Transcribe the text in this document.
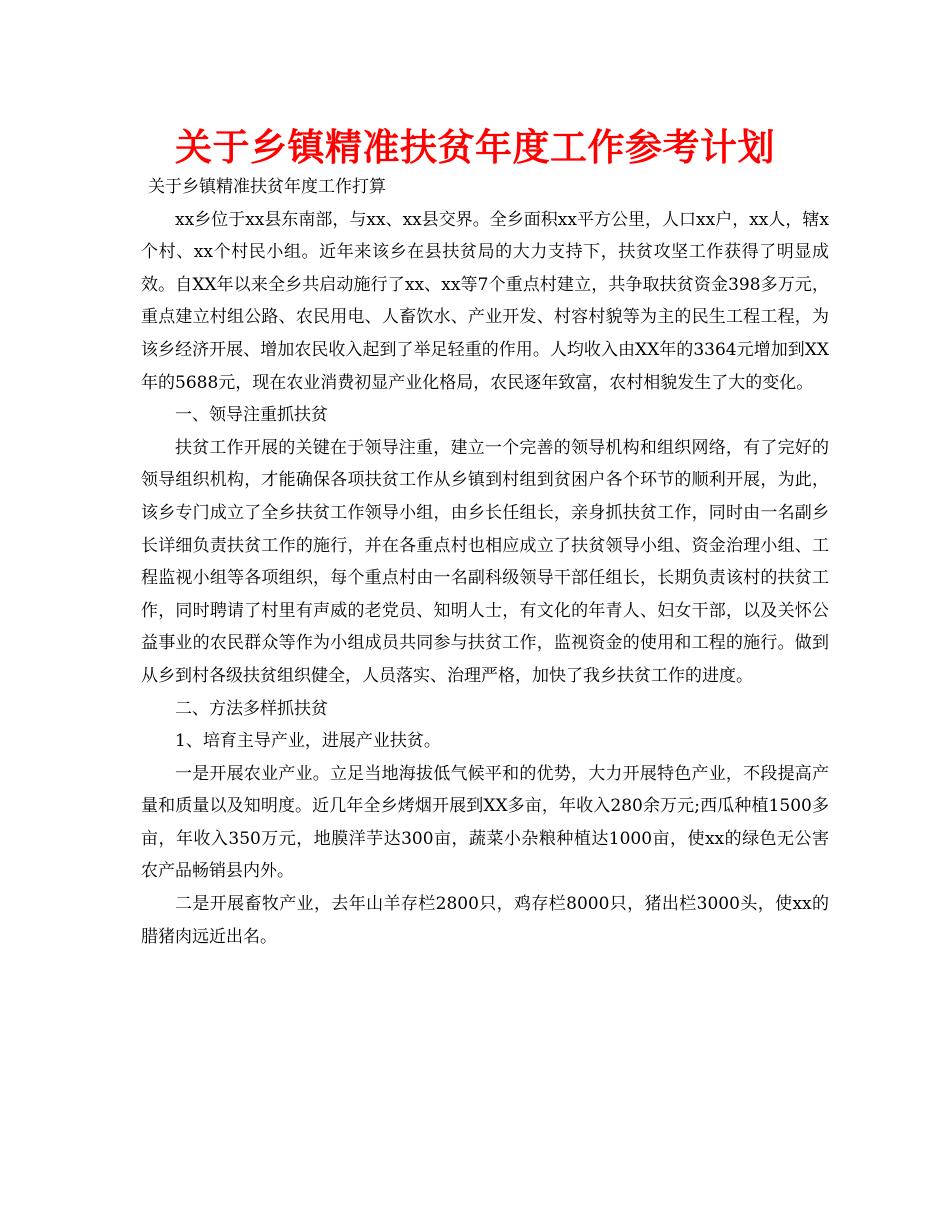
关于乡镇精准扶贫年度工作参考计划

关于乡镇精准扶贫年度工作打算

xx乡位于xx县东南部，与xx、xx县交界。全乡面积xx平方公里，人口xx户，xx人，辖x个村、xx个村民小组。近年来该乡在县扶贫局的大力支持下，扶贫攻坚工作获得了明显成效。自XX年以来全乡共启动施行了xx、xx等7个重点村建立，共争取扶贫资金398多万元，重点建立村组公路、农民用电、人畜饮水、产业开发、村容村貌等为主的民生工程工程，为该乡经济开展、增加农民收入起到了举足轻重的作用。人均收入由XX年的3364元增加到XX年的5688元，现在农业消费初显产业化格局，农民逐年致富，农村相貌发生了大的变化。

一、领导注重抓扶贫

扶贫工作开展的关键在于领导注重，建立一个完善的领导机构和组织网络，有了完好的领导组织机构，才能确保各项扶贫工作从乡镇到村组到贫困户各个环节的顺利开展，为此，该乡专门成立了全乡扶贫工作领导小组，由乡长任组长，亲身抓扶贫工作，同时由一名副乡长详细负责扶贫工作的施行，并在各重点村也相应成立了扶贫领导小组、资金治理小组、工程监视小组等各项组织，每个重点村由一名副科级领导干部任组长，长期负责该村的扶贫工作，同时聘请了村里有声威的老党员、知明人士，有文化的年青人、妇女干部，以及关怀公益事业的农民群众等作为小组成员共同参与扶贫工作，监视资金的使用和工程的施行。做到从乡到村各级扶贫组织健全，人员落实、治理严格，加快了我乡扶贫工作的进度。

二、方法多样抓扶贫

1、培育主导产业，进展产业扶贫。

一是开展农业产业。立足当地海拔低气候平和的优势，大力开展特色产业，不段提高产量和质量以及知明度。近几年全乡烤烟开展到XX多亩，年收入280余万元;西瓜种植1500多亩，年收入350万元，地膜洋芋达300亩，蔬菜小杂粮种植达1000亩，使xx的绿色无公害农产品畅销县内外。

二是开展畜牧产业，去年山羊存栏2800只，鸡存栏8000只，猪出栏3000头，使xx的腊猪肉远近出名。
